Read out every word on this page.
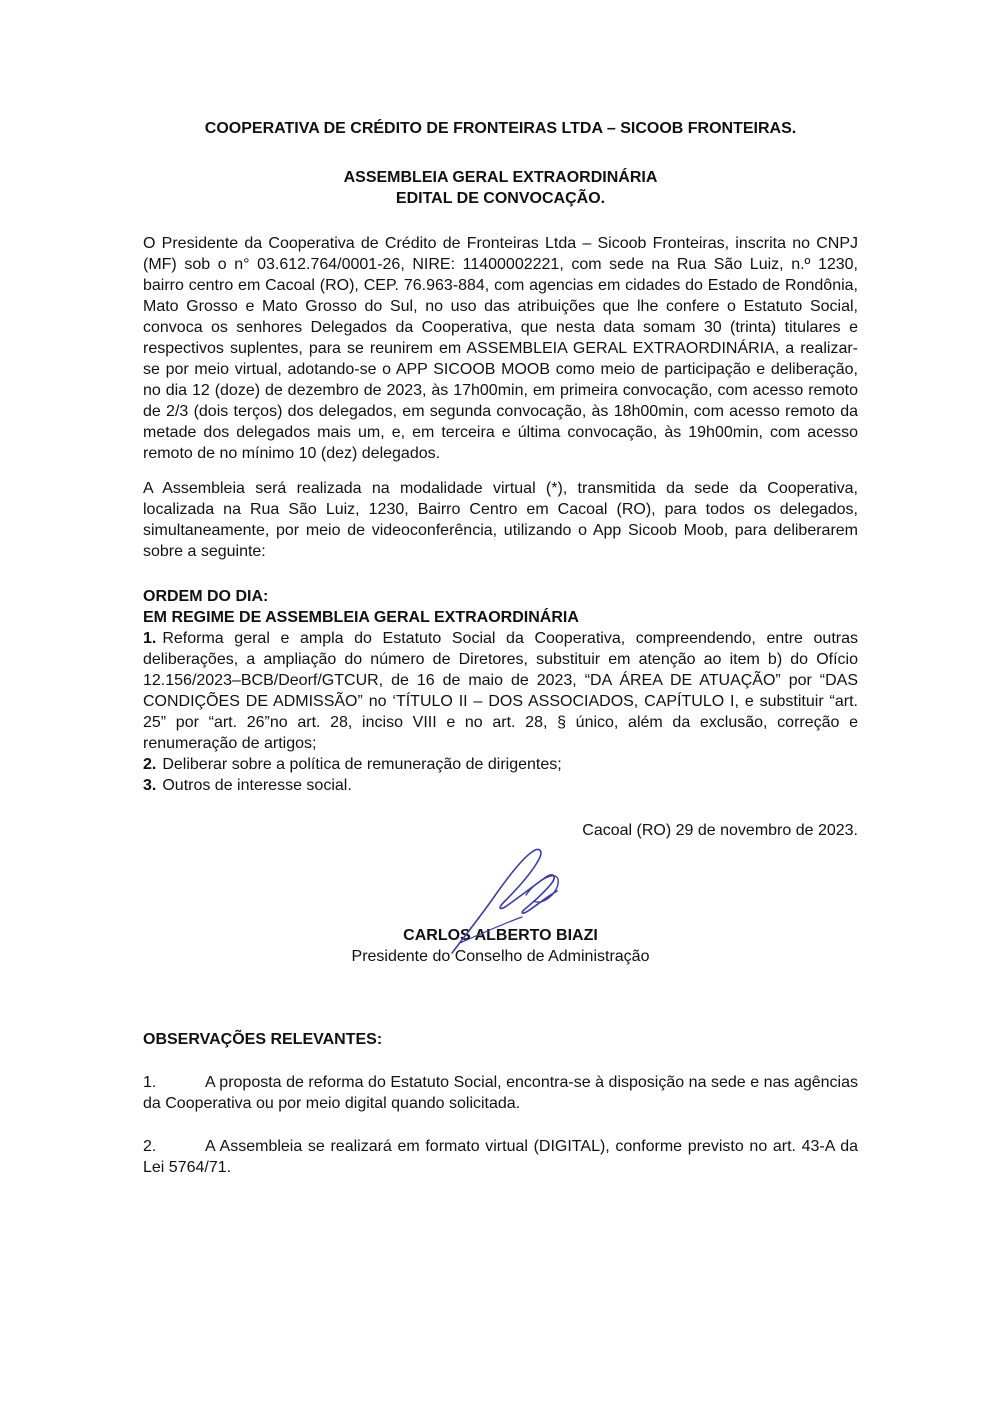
COOPERATIVA DE CRÉDITO DE FRONTEIRAS LTDA – SICOOB FRONTEIRAS.
ASSEMBLEIA GERAL EXTRAORDINÁRIA
EDITAL DE CONVOCAÇÃO.

O Presidente da Cooperativa de Crédito de Fronteiras Ltda – Sicoob Fronteiras, inscrita no CNPJ (MF) sob o n° 03.612.764/0001-26, NIRE: 11400002221, com sede na Rua São Luiz, n.º 1230, bairro centro em Cacoal (RO), CEP. 76.963-884, com agencias em cidades do Estado de Rondônia, Mato Grosso e Mato Grosso do Sul, no uso das atribuições que lhe confere o Estatuto Social, convoca os senhores Delegados da Cooperativa, que nesta data somam 30 (trinta) titulares e respectivos suplentes, para se reunirem em ASSEMBLEIA GERAL EXTRAORDINÁRIA, a realizar-se por meio virtual, adotando-se o APP SICOOB MOOB como meio de participação e deliberação, no dia 12 (doze) de dezembro de 2023, às 17h00min, em primeira convocação, com acesso remoto de 2/3 (dois terços) dos delegados, em segunda convocação, às 18h00min, com acesso remoto da metade dos delegados mais um, e, em terceira e última convocação, às 19h00min, com acesso remoto de no mínimo 10 (dez) delegados.

A Assembleia será realizada na modalidade virtual (*), transmitida da sede da Cooperativa, localizada na Rua São Luiz, 1230, Bairro Centro em Cacoal (RO), para todos os delegados, simultaneamente, por meio de videoconferência, utilizando o App Sicoob Moob, para deliberarem sobre a seguinte:

ORDEM DO DIA:

EM REGIME DE ASSEMBLEIA GERAL EXTRAORDINÁRIA

1. Reforma geral e ampla do Estatuto Social da Cooperativa, compreendendo, entre outras deliberações, a ampliação do número de Diretores, substituir em atenção ao item b) do Ofício 12.156/2023–BCB/Deorf/GTCUR, de 16 de maio de 2023, “DA ÁREA DE ATUAÇÃO” por “DAS CONDIÇÕES DE ADMISSÃO” no ‘TÍTULO II – DOS ASSOCIADOS, CAPÍTULO I, e substituir “art. 25” por “art. 26”no art. 28, inciso VIII e no art. 28, § único, além da exclusão, correção e renumeração de artigos;

2. Deliberar sobre a política de remuneração de dirigentes;

3. Outros de interesse social.

Cacoal (RO) 29 de novembro de 2023.

CARLOS ALBERTO BIAZI
Presidente do Conselho de Administração

OBSERVAÇÕES RELEVANTES:

1.	A proposta de reforma do Estatuto Social, encontra-se à disposição na sede e nas agências da Cooperativa ou por meio digital quando solicitada.

2.	A Assembleia se realizará em formato virtual (DIGITAL), conforme previsto no art. 43-A da Lei 5764/71.
